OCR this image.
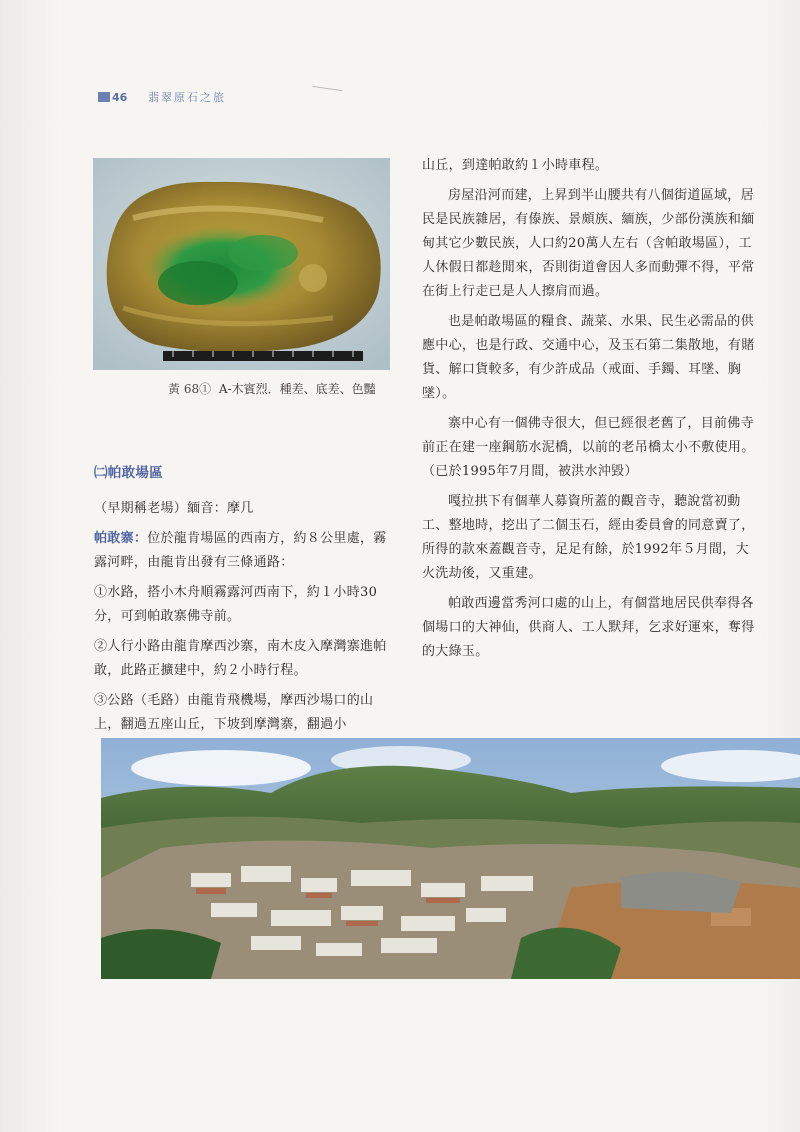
46 翡翠原石之旅
黃 68① A-木賓烈．種差、底差、色豔
㈡帕敢場區
（早期稱老場）緬音：摩几
帕敢寨：位於龍肯場區的西南方，約８公里處，霧露河畔，由龍肯出發有三條通路：
①水路，搭小木舟順霧露河西南下，約１小時30分，可到帕敢寨佛寺前。
②人行小路由龍肯摩西沙寨，南木皮入摩灣寨進帕敢，此路正擴建中，約２小時行程。
③公路（毛路）由龍肯飛機場，摩西沙場口的山上，翻過五座山丘，下坡到摩灣寨，翻過小
山丘，到達帕敢約１小時車程。
房屋沿河而建，上昇到半山腰共有八個街道區域，居民是民族雜居，有傣族、景頗族、緬族，少部份漢族和緬甸其它少數民族，人口約20萬人左右（含帕敢場區），工人休假日都趁閒來，否則街道會因人多而動彈不得，平常在街上行走已是人人擦肩而過。
也是帕敢場區的糧食、蔬菜、水果、民生必需品的供應中心，也是行政、交通中心，及玉石第二集散地，有賭貨、解口貨較多，有少許成品（戒面、手鐲、耳墜、胸墜）。
寨中心有一個佛寺很大，但已經很老舊了，目前佛寺前正在建一座鋼筋水泥橋，以前的老吊橋太小不敷使用。（已於1995年7月間，被洪水沖毀）
嘎拉拱下有個華人募資所蓋的觀音寺，聽說當初動工、整地時，挖出了二個玉石，經由委員會的同意賣了，所得的款來蓋觀音寺，足足有餘，於1992年５月間，大火洗劫後，又重建。
帕敢西邊當秀河口處的山上，有個當地居民供奉得各個場口的大神仙，供商人、工人默拜，乞求好運來，奪得的大綠玉。
